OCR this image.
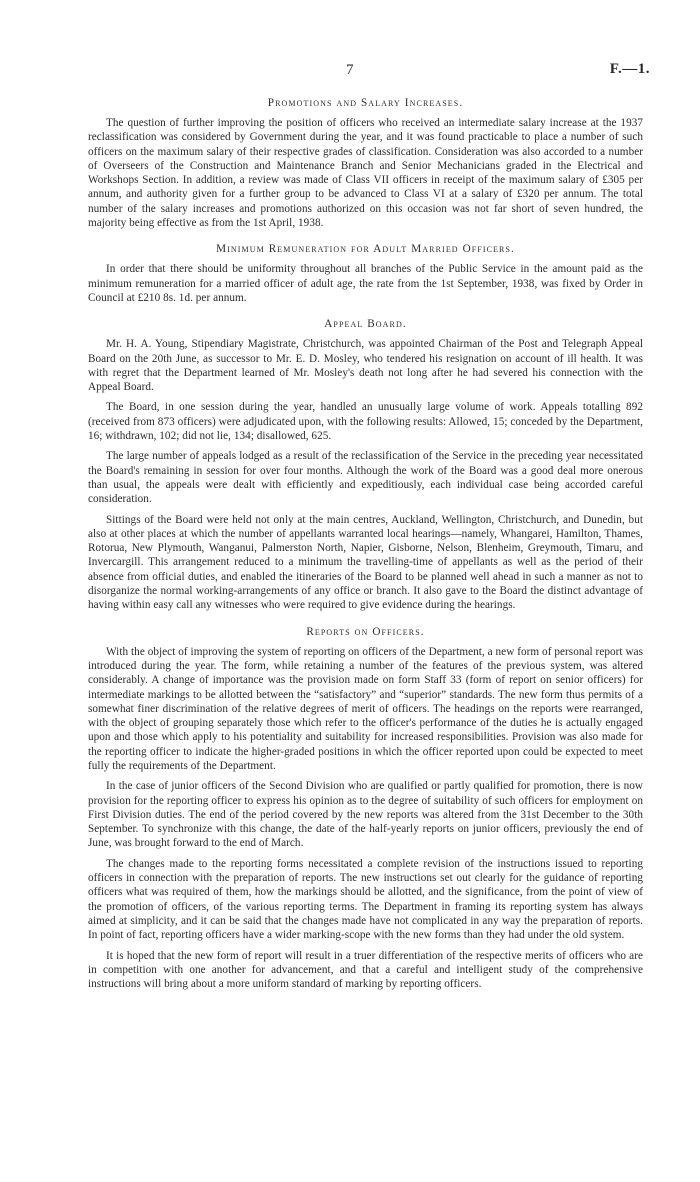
7	F.—1.
Promotions and Salary Increases.

The question of further improving the position of officers who received an intermediate salary increase at the 1937 reclassification was considered by Government during the year, and it was found practicable to place a number of such officers on the maximum salary of their respective grades of classification. Consideration was also accorded to a number of Overseers of the Construction and Maintenance Branch and Senior Mechanicians graded in the Electrical and Workshops Section. In addition, a review was made of Class VII officers in receipt of the maximum salary of £305 per annum, and authority given for a further group to be advanced to Class VI at a salary of £320 per annum. The total number of the salary increases and promotions authorized on this occasion was not far short of seven hundred, the majority being effective as from the 1st April, 1938.

Minimum Remuneration for Adult Married Officers.

In order that there should be uniformity throughout all branches of the Public Service in the amount paid as the minimum remuneration for a married officer of adult age, the rate from the 1st September, 1938, was fixed by Order in Council at £210 8s. 1d. per annum.

Appeal Board.

Mr. H. A. Young, Stipendiary Magistrate, Christchurch, was appointed Chairman of the Post and Telegraph Appeal Board on the 20th June, as successor to Mr. E. D. Mosley, who tendered his resignation on account of ill health. It was with regret that the Department learned of Mr. Mosley's death not long after he had severed his connection with the Appeal Board.

The Board, in one session during the year, handled an unusually large volume of work. Appeals totalling 892 (received from 873 officers) were adjudicated upon, with the following results: Allowed, 15; conceded by the Department, 16; withdrawn, 102; did not lie, 134; disallowed, 625.

The large number of appeals lodged as a result of the reclassification of the Service in the preceding year necessitated the Board's remaining in session for over four months. Although the work of the Board was a good deal more onerous than usual, the appeals were dealt with efficiently and expeditiously, each individual case being accorded careful consideration.

Sittings of the Board were held not only at the main centres, Auckland, Wellington, Christchurch, and Dunedin, but also at other places at which the number of appellants warranted local hearings—namely, Whangarei, Hamilton, Thames, Rotorua, New Plymouth, Wanganui, Palmerston North, Napier, Gisborne, Nelson, Blenheim, Greymouth, Timaru, and Invercargill. This arrangement reduced to a minimum the travelling-time of appellants as well as the period of their absence from official duties, and enabled the itineraries of the Board to be planned well ahead in such a manner as not to disorganize the normal working-arrangements of any office or branch. It also gave to the Board the distinct advantage of having within easy call any witnesses who were required to give evidence during the hearings.

Reports on Officers.

With the object of improving the system of reporting on officers of the Department, a new form of personal report was introduced during the year. The form, while retaining a number of the features of the previous system, was altered considerably. A change of importance was the provision made on form Staff 33 (form of report on senior officers) for intermediate markings to be allotted between the “satisfactory” and “superior” standards. The new form thus permits of a somewhat finer discrimination of the relative degrees of merit of officers. The headings on the reports were rearranged, with the object of grouping separately those which refer to the officer's performance of the duties he is actually engaged upon and those which apply to his potentiality and suitability for increased responsibilities. Provision was also made for the reporting officer to indicate the higher-graded positions in which the officer reported upon could be expected to meet fully the requirements of the Department.

In the case of junior officers of the Second Division who are qualified or partly qualified for promotion, there is now provision for the reporting officer to express his opinion as to the degree of suitability of such officers for employment on First Division duties. The end of the period covered by the new reports was altered from the 31st December to the 30th September. To synchronize with this change, the date of the half-yearly reports on junior officers, previously the end of June, was brought forward to the end of March.

The changes made to the reporting forms necessitated a complete revision of the instructions issued to reporting officers in connection with the preparation of reports. The new instructions set out clearly for the guidance of reporting officers what was required of them, how the markings should be allotted, and the significance, from the point of view of the promotion of officers, of the various reporting terms. The Department in framing its reporting system has always aimed at simplicity, and it can be said that the changes made have not complicated in any way the preparation of reports. In point of fact, reporting officers have a wider marking-scope with the new forms than they had under the old system.

It is hoped that the new form of report will result in a truer differentiation of the respective merits of officers who are in competition with one another for advancement, and that a careful and intelligent study of the comprehensive instructions will bring about a more uniform standard of marking by reporting officers.
